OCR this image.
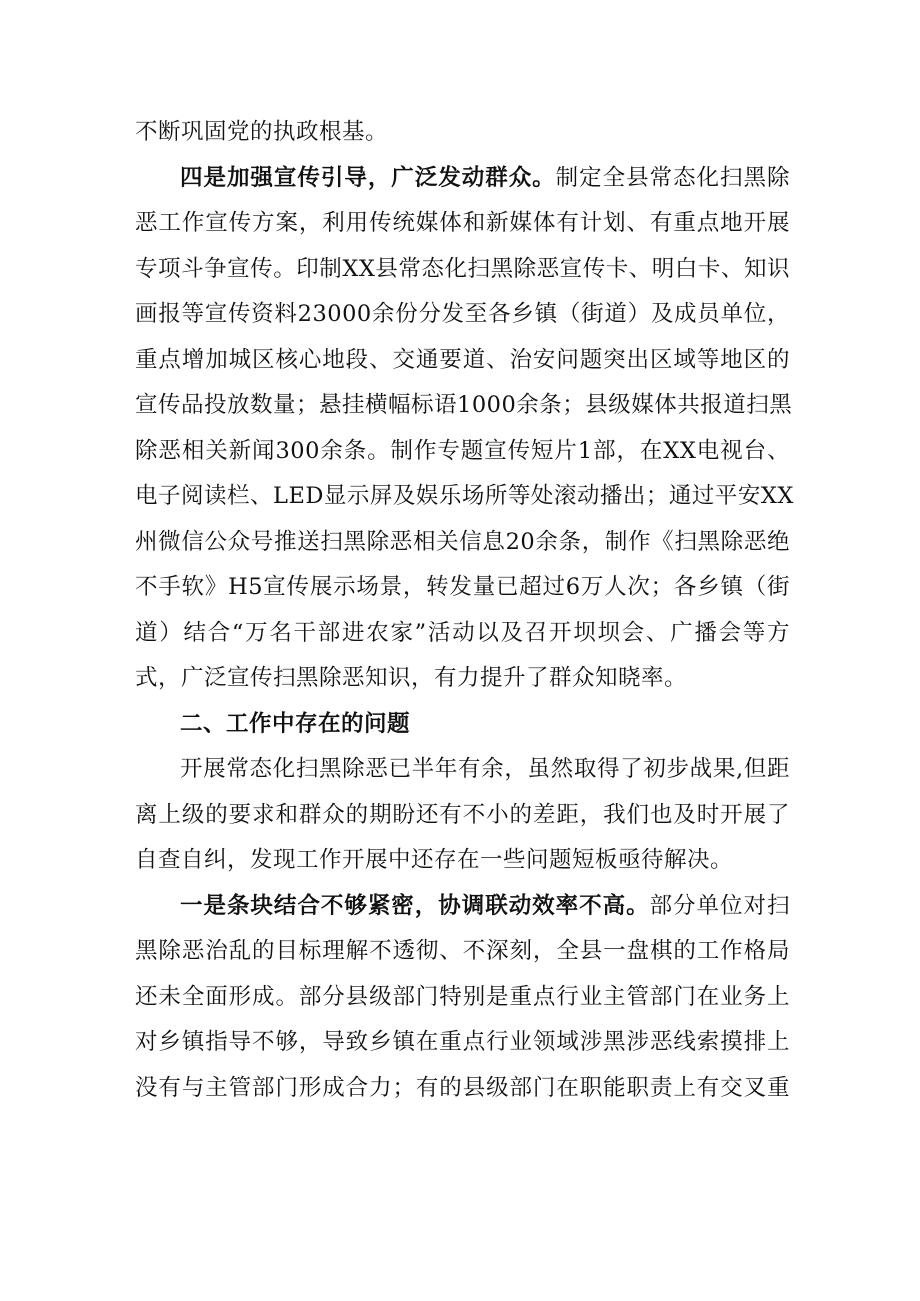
不断巩固党的执政根基。
四是加强宣传引导，广泛发动群众。制定全县常态化扫黑除
恶工作宣传方案，利用传统媒体和新媒体有计划、有重点地开展
专项斗争宣传。印制XX县常态化扫黑除恶宣传卡、明白卡、知识
画报等宣传资料23000余份分发至各乡镇（街道）及成员单位，
重点增加城区核心地段、交通要道、治安问题突出区域等地区的
宣传品投放数量；悬挂横幅标语1000余条；县级媒体共报道扫黑
除恶相关新闻300余条。制作专题宣传短片1部，在XX电视台、
电子阅读栏、LED显示屏及娱乐场所等处滚动播出；通过平安XX
州微信公众号推送扫黑除恶相关信息20余条，制作《扫黑除恶绝
不手软》H5宣传展示场景，转发量已超过6万人次；各乡镇（街
道）结合“万名干部进农家”活动以及召开坝坝会、广播会等方
式，广泛宣传扫黑除恶知识，有力提升了群众知晓率。
二、工作中存在的问题
开展常态化扫黑除恶已半年有余，虽然取得了初步战果,但距
离上级的要求和群众的期盼还有不小的差距，我们也及时开展了
自查自纠，发现工作开展中还存在一些问题短板亟待解决。
一是条块结合不够紧密，协调联动效率不高。部分单位对扫
黑除恶治乱的目标理解不透彻、不深刻，全县一盘棋的工作格局
还未全面形成。部分县级部门特别是重点行业主管部门在业务上
对乡镇指导不够，导致乡镇在重点行业领域涉黑涉恶线索摸排上
没有与主管部门形成合力；有的县级部门在职能职责上有交叉重
